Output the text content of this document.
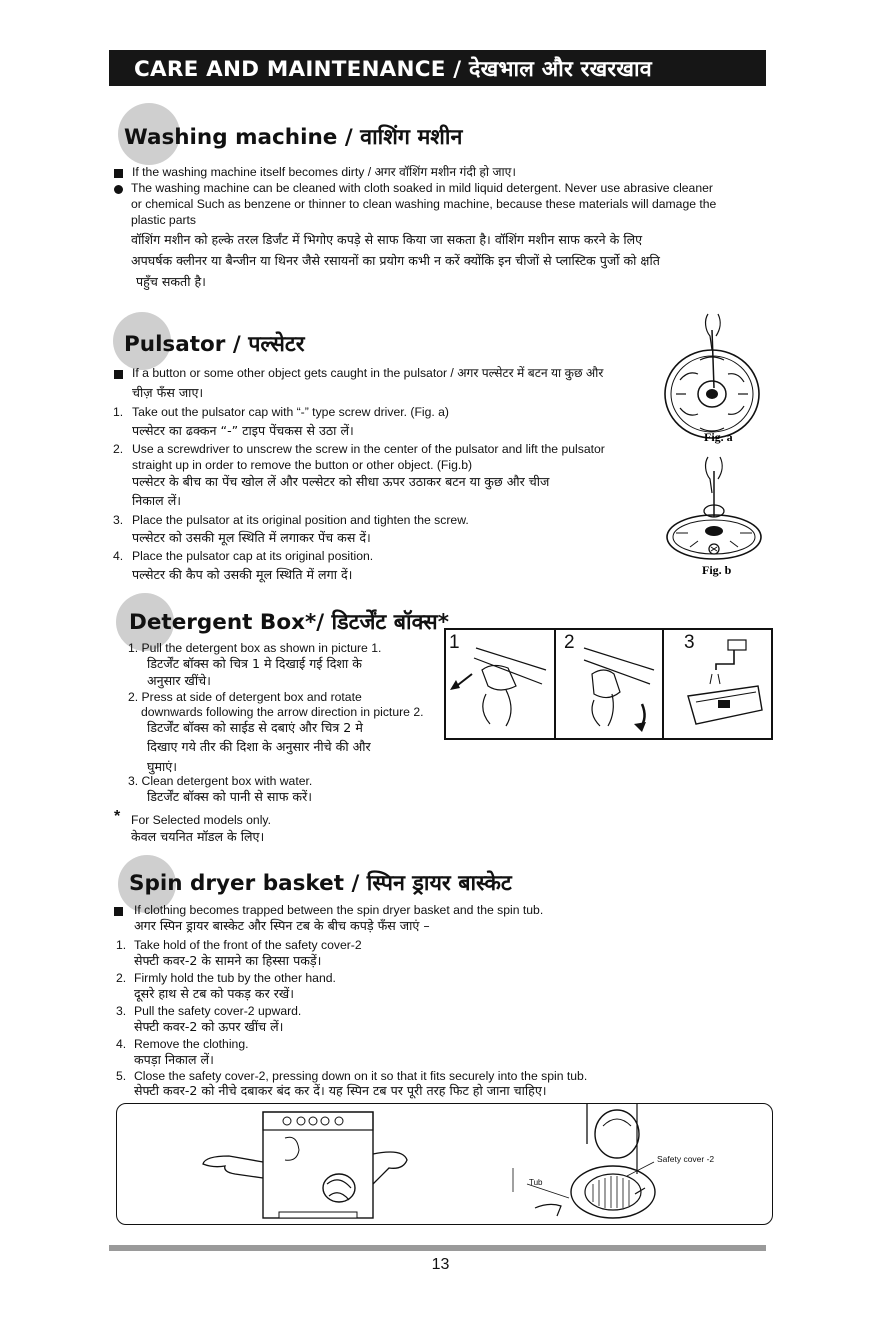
CARE AND MAINTENANCE / देखभाल और रखरखाव
Washing machine / वाशिंग मशीन
If the washing machine itself becomes dirty / अगर वॉशिंग मशीन गंदी हो जाए।
The washing machine can be cleaned with cloth soaked in mild liquid detergent. Never use abrasive cleaner
or chemical Such as benzene or thinner to clean washing machine, because these materials will damage the
plastic parts
वॉशिंग मशीन को हल्के तरल डिर्जंट में भिगोए कपड़े से साफ किया जा सकता है। वॉशिंग मशीन साफ करने के लिए
अपघर्षक क्लीनर या बैन्जीन या थिनर जैसे रसायनों का प्रयोग कभी न करें क्योंकि इन चीजों से प्लास्टिक पुर्जो को क्षति
पहुँच सकती है।
Pulsator / पल्सेटर
If a button or some other object gets caught in the pulsator / अगर पल्सेटर में बटन या कुछ और
चीज़ फँस जाए।
1. Take out the pulsator cap with “-” type screw driver. (Fig. a)
पल्सेटर का ढक्कन “-” टाइप पेंचकस से उठा लें।
2. Use a screwdriver to unscrew the screw in the center of the pulsator and lift the pulsator
straight up in order to remove the button or other object. (Fig.b)
पल्सेटर के बीच का पेंच खोल लें और पल्सेटर को सीधा ऊपर उठाकर बटन या कुछ और चीज
निकाल लें।
3. Place the pulsator at its original position and tighten the screw.
पल्सेटर को उसकी मूल स्थिति में लगाकर पेंच कस दें।
4. Place the pulsator cap at its original position.
पल्सेटर की कैप को उसकी मूल स्थिति में लगा दें।
Fig. a
Fig. b
Detergent Box*/ डिटर्जेंट बॉक्स*
1. Pull the detergent box as shown in picture 1.
डिटर्जेंट बॉक्स को चित्र 1 मे दिखाई गई दिशा के
अनुसार खींचे।
2. Press at side of detergent box and rotate
downwards following the arrow direction in picture 2.
डिटर्जेंट बॉक्स को साईड से दबाएं और चित्र 2 मे
दिखाए गये तीर की दिशा के अनुसार नीचे की और
घुमाएं।
3. Clean detergent box with water.
डिटर्जेंट बॉक्स को पानी से साफ करें।
* For Selected models only.
केवल चयनित मॉडल के लिए।
1	2	3
Spin dryer basket / स्पिन ड्रायर बास्केट
If clothing becomes trapped between the spin dryer basket and the spin tub.
अगर स्पिन ड्रायर बास्केट और स्पिन टब के बीच कपड़े फँस जाएं –
1. Take hold of the front of the safety cover-2
सेफ्टी कवर-2 के सामने का हिस्सा पकड़ें।
2. Firmly hold the tub by the other hand.
दूसरे हाथ से टब को पकड़ कर रखें।
3. Pull the safety cover-2 upward.
सेफ्टी कवर-2 को ऊपर खींच लें।
4. Remove the clothing.
कपड़ा निकाल लें।
5. Close the safety cover-2, pressing down on it so that it fits securely into the spin tub.
सेफ्टी कवर-2 को नीचे दबाकर बंद कर दें। यह स्पिन टब पर पूरी तरह फिट हो जाना चाहिए।
Tub
Safety cover -2
13
